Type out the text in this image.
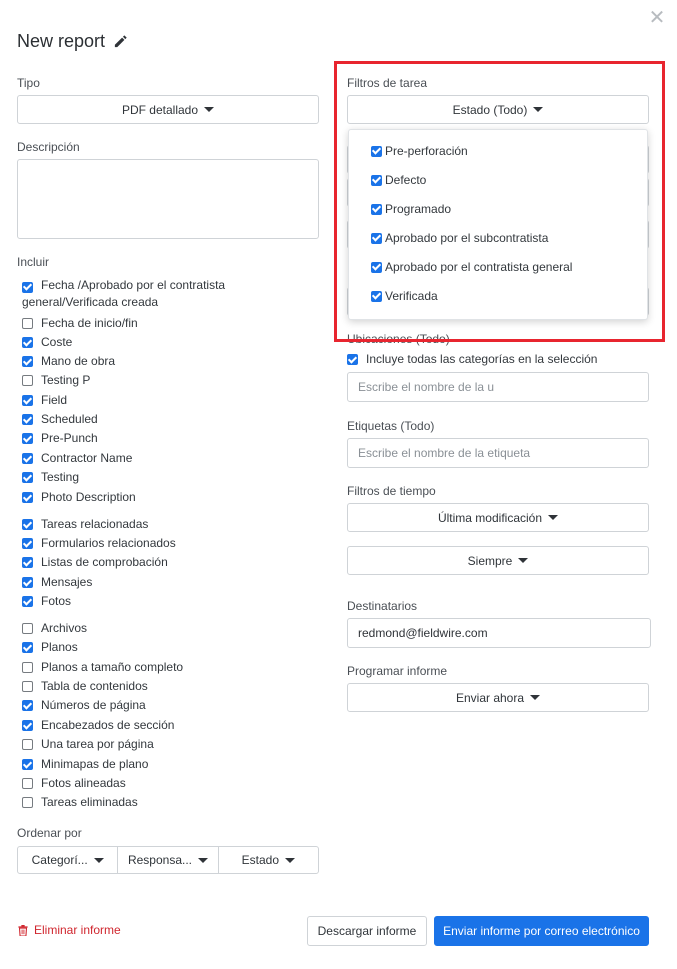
✕
New report
Tipo
PDF detallado
Descripción
Incluir
Fecha /Aprobado por el contratista general/Verificada creada
Fecha de inicio/fin
Coste
Mano de obra
Testing P
Field
Scheduled
Pre-Punch
Contractor Name
Testing
Photo Description
Tareas relacionadas
Formularios relacionados
Listas de comprobación
Mensajes
Fotos
Archivos
Planos
Planos a tamaño completo
Tabla de contenidos
Números de página
Encabezados de sección
Una tarea por página
Minimapas de plano
Fotos alineadas
Tareas eliminadas
Ordenar por
Categorí...	Responsa...	Estado
Filtros de tarea
Estado (Todo)
Pre-perforación
Defecto
Programado
Aprobado por el subcontratista
Aprobado por el contratista general
Verificada
Ubicaciones (Todo)
Incluye todas las categorías en la selección
Escribe el nombre de la u
Etiquetas (Todo)
Escribe el nombre de la etiqueta
Filtros de tiempo
Última modificación
Siempre
Destinatarios
redmond@fieldwire.com
Programar informe
Enviar ahora
Eliminar informe	Descargar informe Enviar informe por correo electrónico
